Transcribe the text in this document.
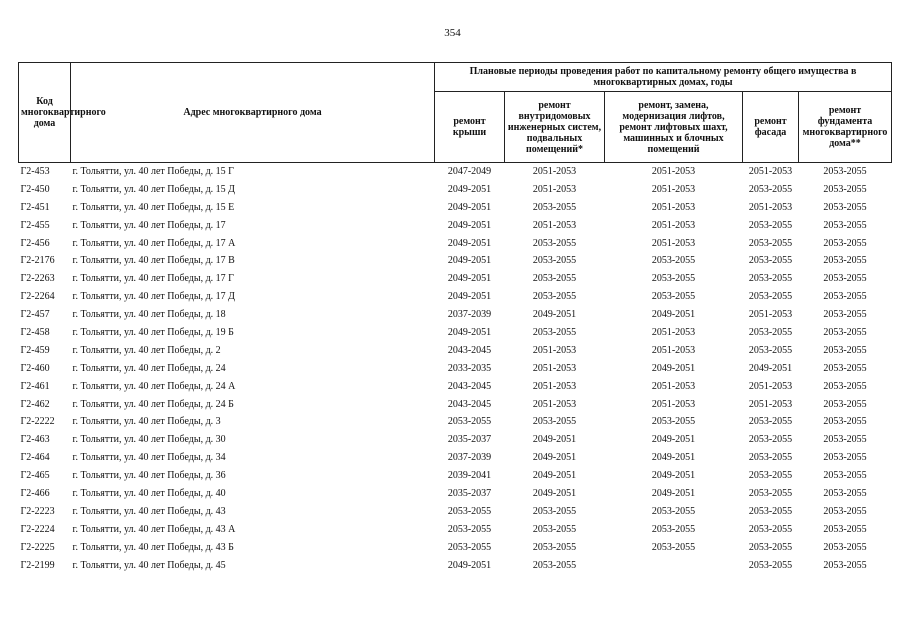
354
Код многоквартирного дома	Адрес многоквартирного дома	Плановые периоды проведения работ по капитальному ремонту общего имущества в многоквартирных домах, годы				
		ремонт крыши	ремонт внутридомовых инженерных систем, подвальных помещений*	ремонт, замена, модернизация лифтов, ремонт лифтовых шахт, машинных и блочных помещений	ремонт фасада	ремонт фундамента многоквартирного дома**
Г2-453	г. Тольятти, ул. 40 лет Победы, д. 15 Г	2047-2049	2051-2053	2051-2053	2051-2053	2053-2055
Г2-450	г. Тольятти, ул. 40 лет Победы, д. 15 Д	2049-2051	2051-2053	2051-2053	2053-2055	2053-2055
Г2-451	г. Тольятти, ул. 40 лет Победы, д. 15 Е	2049-2051	2053-2055	2051-2053	2051-2053	2053-2055
Г2-455	г. Тольятти, ул. 40 лет Победы, д. 17	2049-2051	2051-2053	2051-2053	2053-2055	2053-2055
Г2-456	г. Тольятти, ул. 40 лет Победы, д. 17 А	2049-2051	2053-2055	2051-2053	2053-2055	2053-2055
Г2-2176	г. Тольятти, ул. 40 лет Победы, д. 17 В	2049-2051	2053-2055	2053-2055	2053-2055	2053-2055
Г2-2263	г. Тольятти, ул. 40 лет Победы, д. 17 Г	2049-2051	2053-2055	2053-2055	2053-2055	2053-2055
Г2-2264	г. Тольятти, ул. 40 лет Победы, д. 17 Д	2049-2051	2053-2055	2053-2055	2053-2055	2053-2055
Г2-457	г. Тольятти, ул. 40 лет Победы, д. 18	2037-2039	2049-2051	2049-2051	2051-2053	2053-2055
Г2-458	г. Тольятти, ул. 40 лет Победы, д. 19 Б	2049-2051	2053-2055	2051-2053	2053-2055	2053-2055
Г2-459	г. Тольятти, ул. 40 лет Победы, д. 2	2043-2045	2051-2053	2051-2053	2053-2055	2053-2055
Г2-460	г. Тольятти, ул. 40 лет Победы, д. 24	2033-2035	2051-2053	2049-2051	2049-2051	2053-2055
Г2-461	г. Тольятти, ул. 40 лет Победы, д. 24 А	2043-2045	2051-2053	2051-2053	2051-2053	2053-2055
Г2-462	г. Тольятти, ул. 40 лет Победы, д. 24 Б	2043-2045	2051-2053	2051-2053	2051-2053	2053-2055
Г2-2222	г. Тольятти, ул. 40 лет Победы, д. 3	2053-2055	2053-2055	2053-2055	2053-2055	2053-2055
Г2-463	г. Тольятти, ул. 40 лет Победы, д. 30	2035-2037	2049-2051	2049-2051	2053-2055	2053-2055
Г2-464	г. Тольятти, ул. 40 лет Победы, д. 34	2037-2039	2049-2051	2049-2051	2053-2055	2053-2055
Г2-465	г. Тольятти, ул. 40 лет Победы, д. 36	2039-2041	2049-2051	2049-2051	2053-2055	2053-2055
Г2-466	г. Тольятти, ул. 40 лет Победы, д. 40	2035-2037	2049-2051	2049-2051	2053-2055	2053-2055
Г2-2223	г. Тольятти, ул. 40 лет Победы, д. 43	2053-2055	2053-2055	2053-2055	2053-2055	2053-2055
Г2-2224	г. Тольятти, ул. 40 лет Победы, д. 43 А	2053-2055	2053-2055	2053-2055	2053-2055	2053-2055
Г2-2225	г. Тольятти, ул. 40 лет Победы, д. 43 Б	2053-2055	2053-2055	2053-2055	2053-2055	2053-2055
Г2-2199	г. Тольятти, ул. 40 лет Победы, д. 45	2049-2051	2053-2055		2053-2055	2053-2055
